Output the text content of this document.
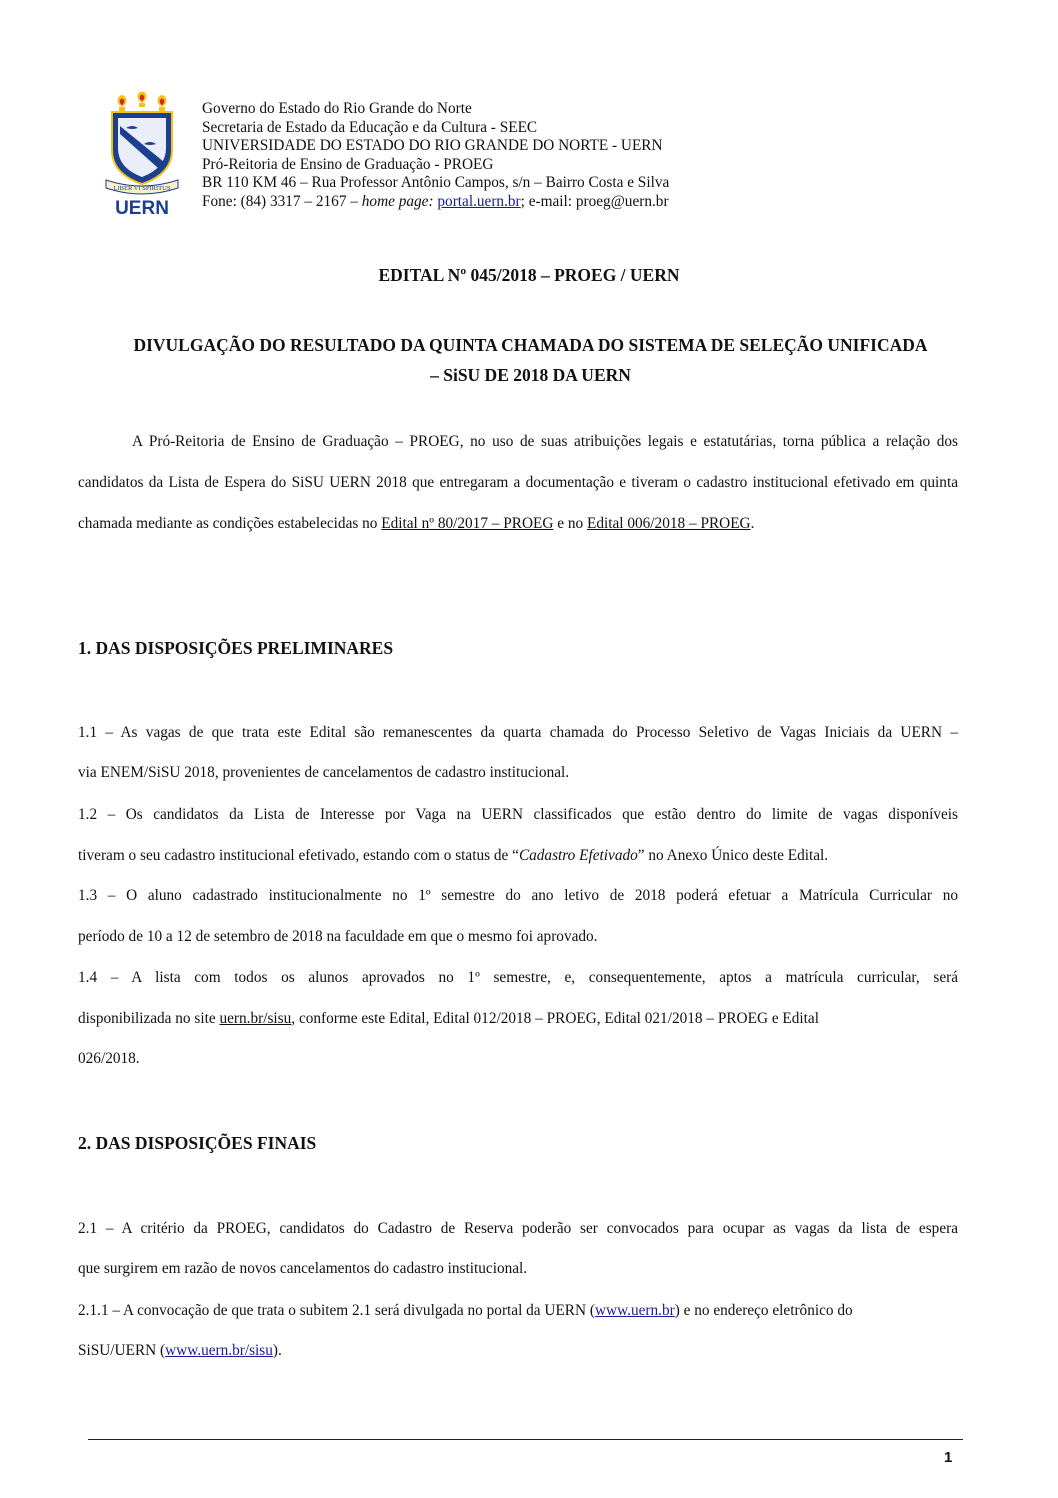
LIBER VI SPIRITUS
UERN
Governo do Estado do Rio Grande do Norte
Secretaria de Estado da Educação e da Cultura - SEEC
UNIVERSIDADE DO ESTADO DO RIO GRANDE DO NORTE - UERN
Pró-Reitoria de Ensino de Graduação - PROEG
BR 110 KM 46 – Rua Professor Antônio Campos, s/n – Bairro Costa e Silva
Fone: (84) 3317 – 2167 – home page: portal.uern.br; e-mail: proeg@uern.br
EDITAL Nº 045/2018 – PROEG / UERN
DIVULGAÇÃO DO RESULTADO DA QUINTA CHAMADA DO SISTEMA DE SELEÇÃO UNIFICADA
– SiSU DE 2018 DA UERN
A Pró-Reitoria de Ensino de Graduação – PROEG, no uso de suas atribuições legais e estatutárias, torna pública a relação dos candidatos da Lista de Espera do SiSU UERN 2018 que entregaram a documentação e tiveram o cadastro institucional efetivado em quinta chamada mediante as condições estabelecidas no Edital nº 80/2017 – PROEG e no Edital 006/2018 – PROEG.
1. DAS DISPOSIÇÕES PRELIMINARES
1.1 – As vagas de que trata este Edital são remanescentes da quarta chamada do Processo Seletivo de Vagas Iniciais da UERN –
via ENEM/SiSU 2018, provenientes de cancelamentos de cadastro institucional.
1.2 – Os candidatos da Lista de Interesse por Vaga na UERN classificados que estão dentro do limite de vagas disponíveis
tiveram o seu cadastro institucional efetivado, estando com o status de “Cadastro Efetivado” no Anexo Único deste Edital.
1.3 – O aluno cadastrado institucionalmente no 1º semestre do ano letivo de 2018 poderá efetuar a Matrícula Curricular no
período de 10 a 12 de setembro de 2018 na faculdade em que o mesmo foi aprovado.
1.4 – A lista com todos os alunos aprovados no 1º semestre, e, consequentemente, aptos a matrícula curricular, será
disponibilizada no site uern.br/sisu, conforme este Edital, Edital 012/2018 – PROEG, Edital 021/2018 – PROEG e Edital
026/2018.
2. DAS DISPOSIÇÕES FINAIS
2.1 – A critério da PROEG, candidatos do Cadastro de Reserva poderão ser convocados para ocupar as vagas da lista de espera
que surgirem em razão de novos cancelamentos do cadastro institucional.
2.1.1 – A convocação de que trata o subitem 2.1 será divulgada no portal da UERN (www.uern.br) e no endereço eletrônico do
SiSU/UERN (www.uern.br/sisu).
1
